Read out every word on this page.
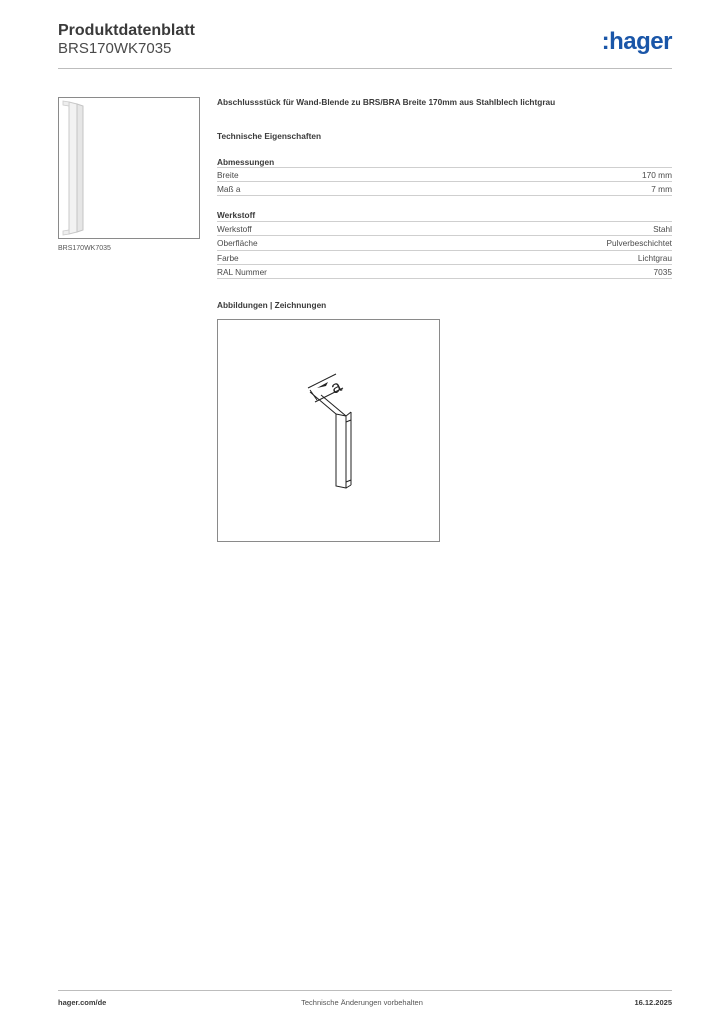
Produktdatenblatt
BRS170WK7035	:hager
BRS170WK7035
Abschlussstück für Wand-Blende zu BRS/BRA Breite 170mm aus Stahlblech lichtgrau
Technische Eigenschaften
Abmessungen
Breite	170 mm
Maß a	7 mm
Werkstoff
Werkstoff	Stahl
Oberfläche	Pulverbeschichtet
Farbe	Lichtgrau
RAL Nummer	7035
Abbildungen | Zeichnungen
a
hager.com/de	Technische Änderungen vorbehalten	16.12.2025
